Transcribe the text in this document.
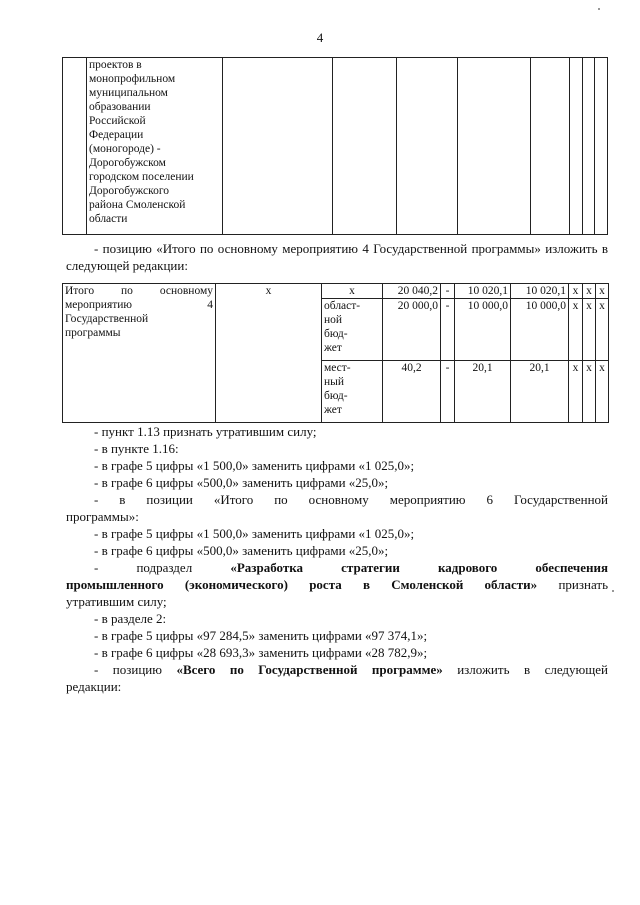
4

проектов в
монопрофильном
муниципальном
образовании
Российской
Федерации
(моногороде) -
Дорогобужском
городском поселении
Дорогобужского
района Смоленской
области

- позицию «Итого по основному мероприятию 4 Государственной программы» изложить в следующей редакции:
Итого по основному
мероприятию 4
Государственной
программы	х	х	20 040,2	-	10 020,1	10 020,1	х	х	х

		област-
ной
бюд-
жет	20 000,0	-	10 000,0	10 000,0	х	х	х

		мест-
ный
бюд-
жет	40,2	-	20,1	20,1	х	х	х
- пункт 1.13 признать утратившим силу;
- в пункте 1.16:
- в графе 5 цифры «1 500,0» заменить цифрами «1 025,0»;
- в графе 6 цифры «500,0» заменить цифрами «25,0»;
- в позиции «Итого по основному мероприятию 6 Государственной
программы»:
- в графе 5 цифры «1 500,0» заменить цифрами «1 025,0»;
- в графе 6 цифры «500,0» заменить цифрами «25,0»;
- подраздел	«Разработка стратегии кадрового обеспечения
промышленного (экономического) роста в Смоленской области» признать
утратившим силу;
- в разделе 2:
- в графе 5 цифры «97 284,5» заменить цифрами «97 374,1»;
- в графе 6 цифры «28 693,3» заменить цифрами «28 782,9»;
- позицию «Всего по Государственной программе» изложить в следующей
редакции:
